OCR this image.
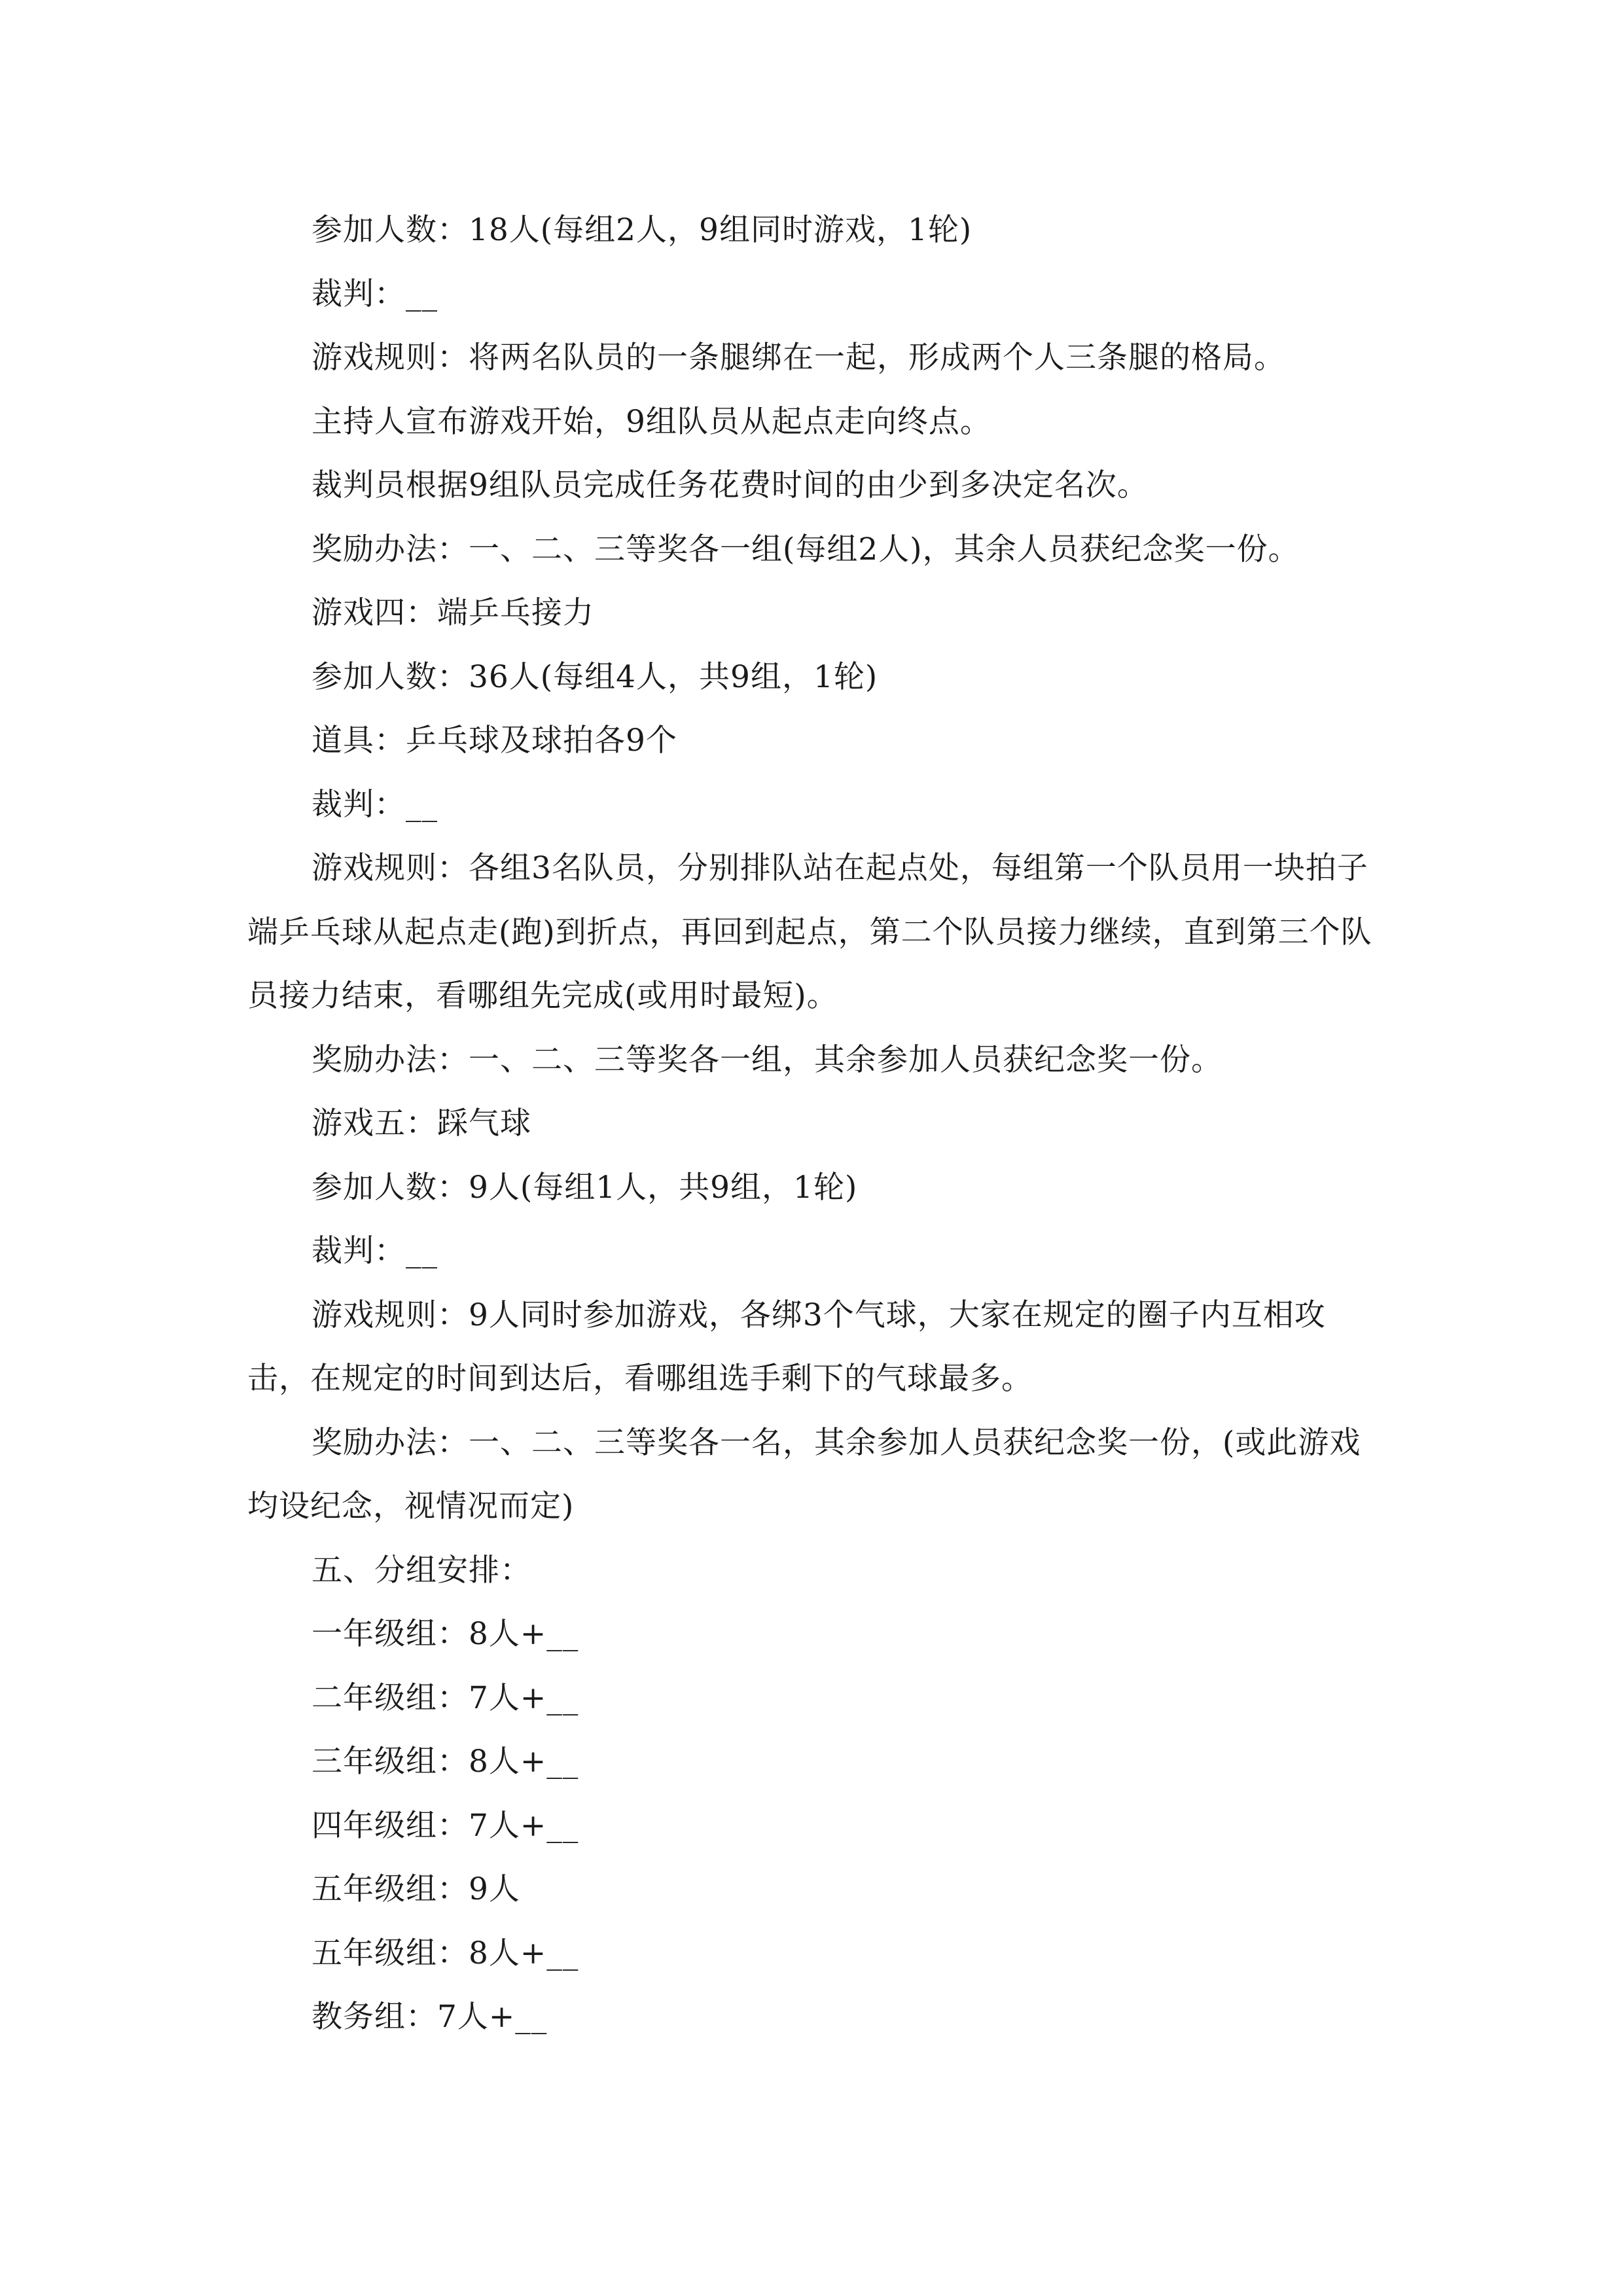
参加人数：18人(每组2人，9组同时游戏，1轮)

裁判：__

游戏规则：将两名队员的一条腿绑在一起，形成两个人三条腿的格局。

主持人宣布游戏开始，9组队员从起点走向终点。

裁判员根据9组队员完成任务花费时间的由少到多决定名次。

奖励办法：一、二、三等奖各一组(每组2人)，其余人员获纪念奖一份。

游戏四：端乒乓接力

参加人数：36人(每组4人，共9组，1轮)

道具：乒乓球及球拍各9个

裁判：__

游戏规则：各组3名队员，分别排队站在起点处，每组第一个队员用一块拍子端乒乓球从起点走(跑)到折点，再回到起点，第二个队员接力继续，直到第三个队员接力结束，看哪组先完成(或用时最短)。

奖励办法：一、二、三等奖各一组，其余参加人员获纪念奖一份。

游戏五：踩气球

参加人数：9人(每组1人，共9组，1轮)

裁判：__

游戏规则：9人同时参加游戏，各绑3个气球，大家在规定的圈子内互相攻击，在规定的时间到达后，看哪组选手剩下的气球最多。

奖励办法：一、二、三等奖各一名，其余参加人员获纪念奖一份，(或此游戏均设纪念，视情况而定)

五、分组安排：

一年级组：8人+__

二年级组：7人+__

三年级组：8人+__

四年级组：7人+__

五年级组：9人

五年级组：8人+__

教务组：7人+__
